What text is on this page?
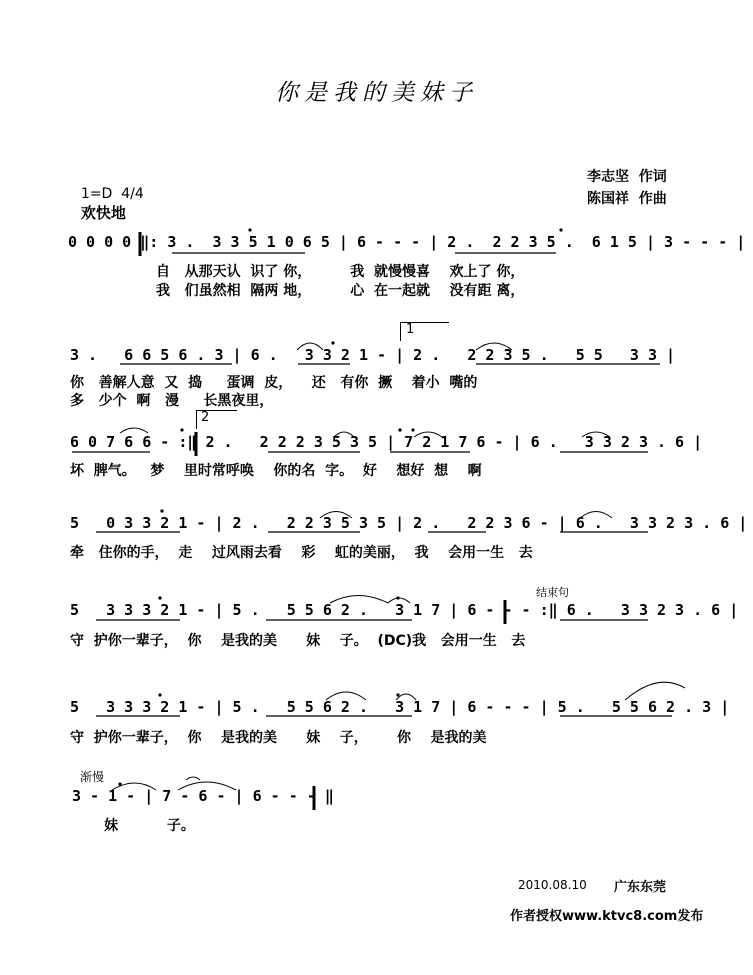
你是我的美妹子

1=D  4/4
欢快地

李志坚  作词
陈国祥  作曲
0 0 0 0 ‖: 3 .  3 3 5 1 0 6 5 | 6 - - - | 2 .  2 2 3 5 .  6 1 5 | 3 - - - |
自   从那天认  识了 你，        我  就慢慢喜    欢上了 你，
我   们虽然相  隔两 地，        心  在一起就    没有距 离，
1
3 .   6 6 5 6 . 3 | 6 .   3 3 2 1 - | 2 .   2 2 3 5 .   5 5   3 3 |
你   善解人意  又  捣     蛋调  皮，    还   有你  撅    着小  嘴的
多   少个  啊   漫     长黑夜里，
2
6 0 7 6 6 - :‖ 2 .   2 2 2 3 5 3 5 | 7 2 1 7 6 - | 6 .   3 3 2 3 . 6 |
坏  脾气。   梦    里时常呼唤    你的名  字。  好    想好  想    啊
5   0 3 3 2 1 - | 2 .   2 2 3 5 3 5 | 2 .   2 2 3 6 - | 6 .   3 3 2 3 . 6 |
牵   住你的手，  走    过风雨去看    彩    虹的美丽，  我    会用一生   去
结束句
5   3 3 3 2 1 - | 5 .   5 5 6 2 .   3 1 7 | 6 - - - :‖ 6 .   3 3 2 3 . 6 |
守  护你一辈子，  你    是我的美      妹    子。  (DC)我   会用一生   去
5   3 3 3 2 1 - | 5 .   5 5 6 2 .   3 1 7 | 6 - - - | 5 .   5 5 6 2 . 3 |
守  护你一辈子，  你    是我的美      妹    子，      你    是我的美
渐慢
3 - 1 - | 7 - 6 - | 6 - - - ‖
妹          子。
2010.08.10 广东东莞
作者授权www.ktvc8.com发布
